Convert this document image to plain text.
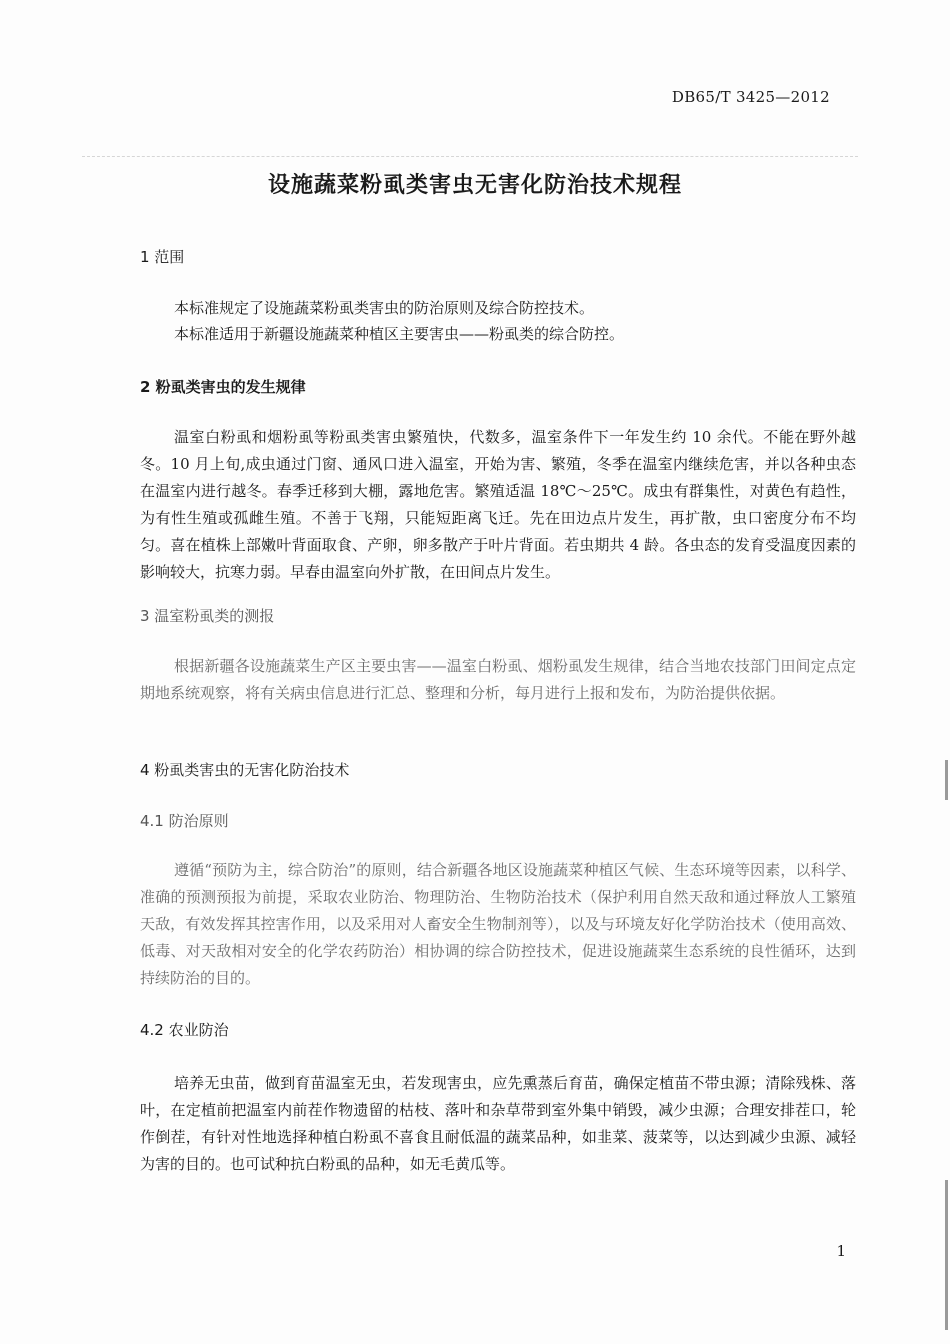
DB65/T 3425—2012
设施蔬菜粉虱类害虫无害化防治技术规程
1 范围
本标准规定了设施蔬菜粉虱类害虫的防治原则及综合防控技术。
本标准适用于新疆设施蔬菜种植区主要害虫——粉虱类的综合防控。
2 粉虱类害虫的发生规律

温室白粉虱和烟粉虱等粉虱类害虫繁殖快，代数多，温室条件下一年发生约 10 余代。不能在野外越冬。10 月上旬,成虫通过门窗、通风口进入温室，开始为害、繁殖，冬季在温室内继续危害，并以各种虫态在温室内进行越冬。春季迁移到大棚，露地危害。繁殖适温 18℃～25℃。成虫有群集性，对黄色有趋性，为有性生殖或孤雌生殖。不善于飞翔，只能短距离飞迁。先在田边点片发生，再扩散，虫口密度分布不均匀。喜在植株上部嫩叶背面取食、产卵，卵多散产于叶片背面。若虫期共 4 龄。各虫态的发育受温度因素的影响较大，抗寒力弱。早春由温室向外扩散，在田间点片发生。

3 温室粉虱类的测报

根据新疆各设施蔬菜生产区主要虫害——温室白粉虱、烟粉虱发生规律，结合当地农技部门田间定点定期地系统观察，将有关病虫信息进行汇总、整理和分析，每月进行上报和发布，为防治提供依据。

4 粉虱类害虫的无害化防治技术
4.1 防治原则

遵循“预防为主，综合防治”的原则，结合新疆各地区设施蔬菜种植区气候、生态环境等因素，以科学、准确的预测预报为前提，采取农业防治、物理防治、生物防治技术（保护利用自然天敌和通过释放人工繁殖天敌，有效发挥其控害作用，以及采用对人畜安全生物制剂等），以及与环境友好化学防治技术（使用高效、低毒、对天敌相对安全的化学农药防治）相协调的综合防控技术，促进设施蔬菜生态系统的良性循环，达到持续防治的目的。

4.2 农业防治

培养无虫苗，做到育苗温室无虫，若发现害虫，应先熏蒸后育苗，确保定植苗不带虫源；清除残株、落叶，在定植前把温室内前茬作物遗留的枯枝、落叶和杂草带到室外集中销毁，减少虫源；合理安排茬口，轮作倒茬，有针对性地选择种植白粉虱不喜食且耐低温的蔬菜品种，如韭菜、菠菜等，以达到减少虫源、减轻为害的目的。也可试种抗白粉虱的品种，如无毛黄瓜等。

1
